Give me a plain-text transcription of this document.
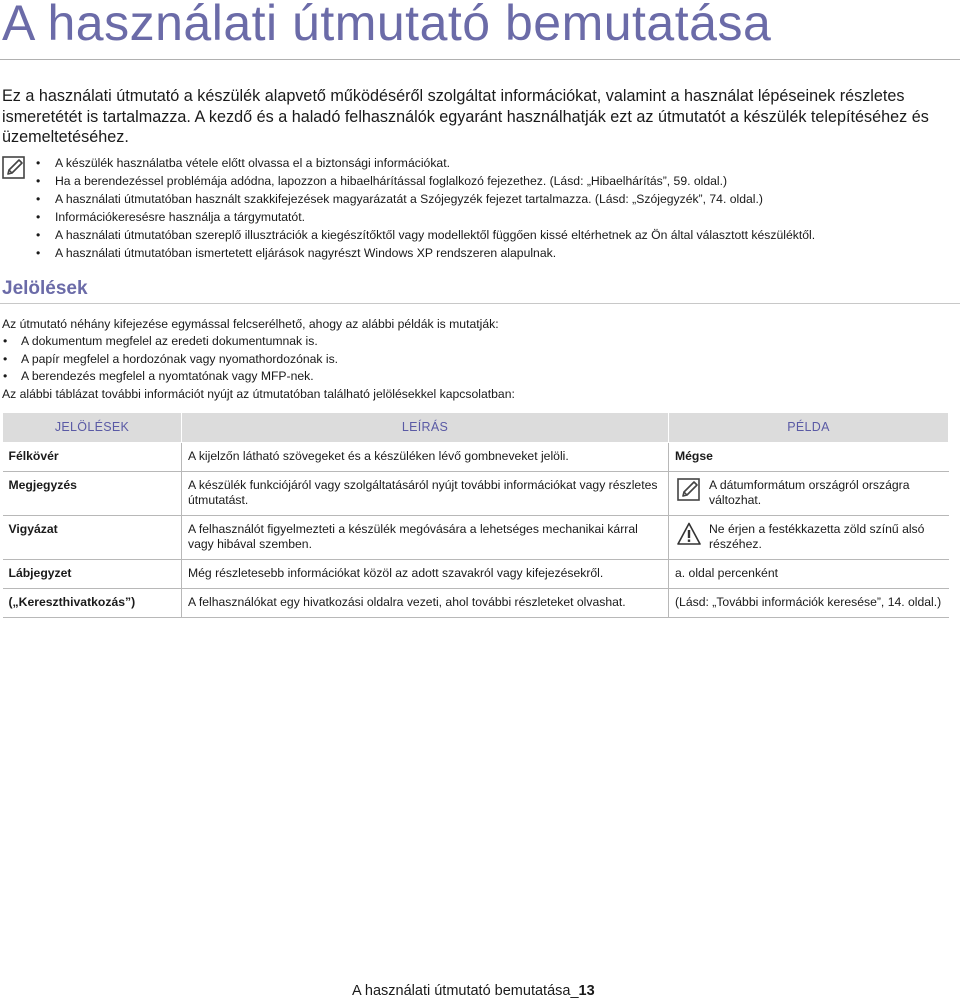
A használati útmutató bemutatása

Ez a használati útmutató a készülék alapvető működéséről szolgáltat információkat, valamint a használat lépéseinek részletes ismeretétét is tartalmazza. A kezdő és a haladó felhasználók egyaránt használhatják ezt az útmutatót a készülék telepítéséhez és üzemeltetéséhez.

• A készülék használatba vétele előtt olvassa el a biztonsági információkat.
• Ha a berendezéssel problémája adódna, lapozzon a hibaelhárítással foglalkozó fejezethez. (Lásd: „Hibaelhárítás”, 59. oldal.)
• A használati útmutatóban használt szakkifejezések magyarázatát a Szójegyzék fejezet tartalmazza. (Lásd: „Szójegyzék”, 74. oldal.)
• Információkeresésre használja a tárgymutatót.
• A használati útmutatóban szereplő illusztrációk a kiegészítőktől vagy modellektől függően kissé eltérhetnek az Ön által választott készüléktől.
• A használati útmutatóban ismertetett eljárások nagyrészt Windows XP rendszeren alapulnak.
Jelölések

Az útmutató néhány kifejezése egymással felcserélhető, ahogy az alábbi példák is mutatják:

• A dokumentum megfelel az eredeti dokumentumnak is.
• A papír megfelel a hordozónak vagy nyomathordozónak is.
• A berendezés megfelel a nyomtatónak vagy MFP-nek.

Az alábbi táblázat további információt nyújt az útmutatóban található jelölésekkel kapcsolatban:

JELÖLÉSEK	LEÍRÁS	PÉLDA
Félkövér	A kijelzőn látható szövegeket és a készüléken lévő gombneveket jelöli.	Mégse
Megjegyzés	A készülék funkciójáról vagy szolgáltatásáról nyújt további információkat vagy részletes útmutatást.	A dátumformátum országról országra változhat.

Vigyázat	A felhasználót figyelmezteti a készülék megóvására a lehetséges mechanikai kárral vagy hibával szemben.	Ne érjen a festékkazetta zöld színű alsó részéhez.

Lábjegyzet	Még részletesebb információkat közöl az adott szavakról vagy kifejezésekről.	a. oldal percenként
(„Kereszthivatkozás”)	A felhasználókat egy hivatkozási oldalra vezeti, ahol további részleteket olvashat.	(Lásd: „További információk keresése”, 14. oldal.)
A használati útmutató bemutatása_13
